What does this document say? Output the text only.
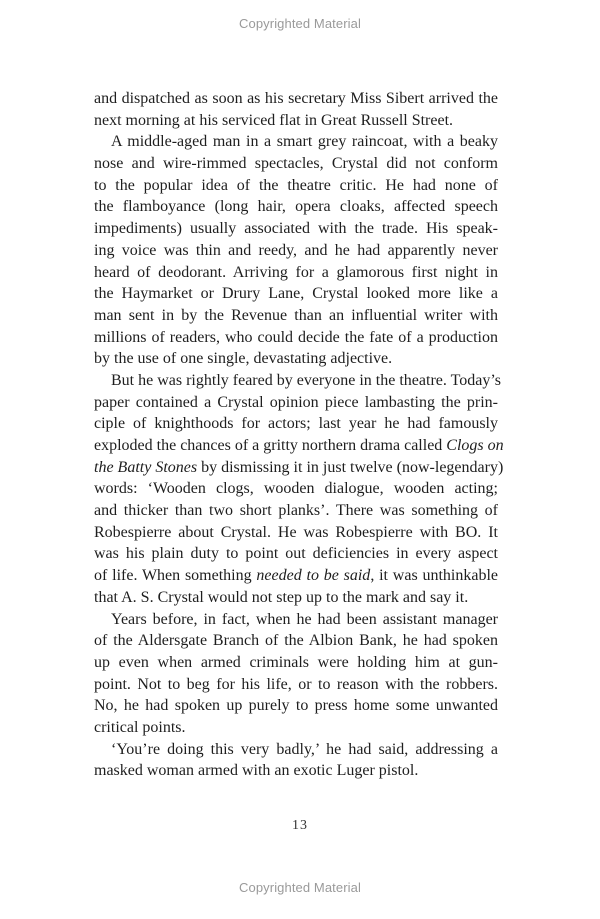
Copyrighted Material
and dispatched as soon as his secretary Miss Sibert arrived the
next morning at his serviced flat in Great Russell Street.
A middle-aged man in a smart grey raincoat, with a beaky
nose and wire-rimmed spectacles, Crystal did not conform
to the popular idea of the theatre critic. He had none of
the flamboyance (long hair, opera cloaks, affected speech
impediments) usually associated with the trade. His speak-
ing voice was thin and reedy, and he had apparently never
heard of deodorant. Arriving for a glamorous first night in
the Haymarket or Drury Lane, Crystal looked more like a
man sent in by the Revenue than an influential writer with
millions of readers, who could decide the fate of a production
by the use of one single, devastating adjective.
But he was rightly feared by everyone in the theatre. Today’s
paper contained a Crystal opinion piece lambasting the prin-
ciple of knighthoods for actors; last year he had famously
exploded the chances of a gritty northern drama called Clogs on
the Batty Stones by dismissing it in just twelve (now-legendary)
words: ‘Wooden clogs, wooden dialogue, wooden acting;
and thicker than two short planks’. There was something of
Robespierre about Crystal. He was Robespierre with BO. It
was his plain duty to point out deficiencies in every aspect
of life. When something needed to be said, it was unthinkable
that A. S. Crystal would not step up to the mark and say it.
Years before, in fact, when he had been assistant manager
of the Aldersgate Branch of the Albion Bank, he had spoken
up even when armed criminals were holding him at gun-
point. Not to beg for his life, or to reason with the robbers.
No, he had spoken up purely to press home some unwanted
critical points.
‘You’re doing this very badly,’ he had said, addressing a
masked woman armed with an exotic Luger pistol.
13
Copyrighted Material
